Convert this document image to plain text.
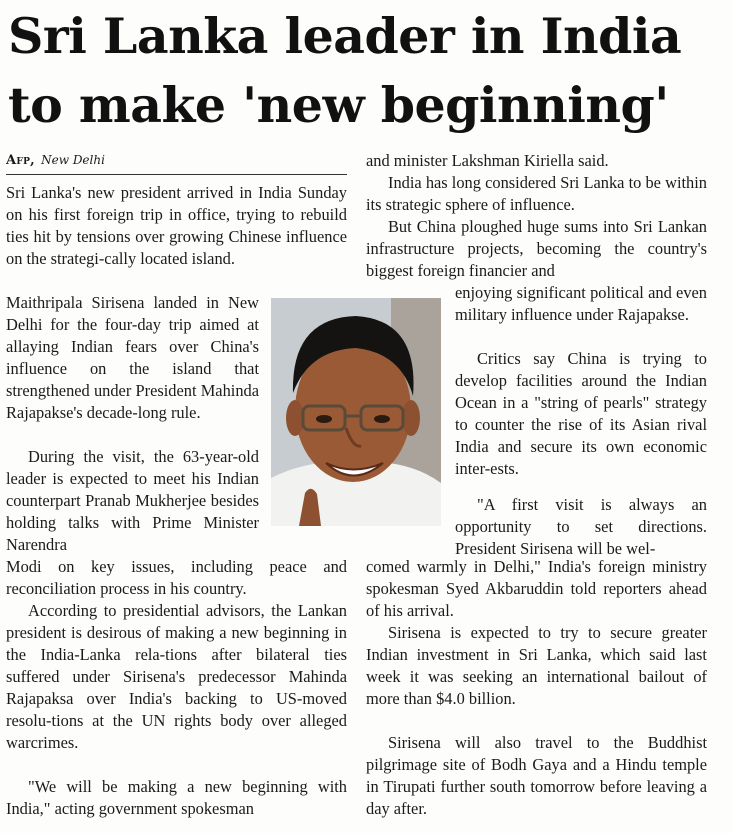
Sri Lanka leader in India
to make 'new beginning'
Afp, New Delhi

Sri Lanka's new president arrived in India Sunday on his first foreign trip in office, trying to rebuild ties hit by tensions over growing Chinese influence on the strategi-cally located island.

Maithripala Sirisena landed in New Delhi for the four-day trip aimed at allaying Indian fears over China's influence on the island that strengthened under President Mahinda Rajapakse's decade-long rule.

During the visit, the 63-year-old leader is expected to meet his Indian counterpart Pranab Mukherjee besides holding talks with Prime Minister Narendra

Modi on key issues, including peace and reconciliation process in his country.

According to presidential advisors, the Lankan president is desirous of making a new beginning in the India-Lanka rela-tions after bilateral ties suffered under Sirisena's predecessor Mahinda Rajapaksa over India's backing to US-moved resolu-tions at the UN rights body over alleged warcrimes.

"We will be making a new beginning with India," acting government spokesman

and minister Lakshman Kiriella said.

India has long considered Sri Lanka to be within its strategic sphere of influence.

But China ploughed huge sums into Sri Lankan infrastructure projects, becoming the country's biggest foreign financier and

enjoying significant political and even military influence under Rajapakse.

Critics say China is trying to develop facilities around the Indian Ocean in a "string of pearls" strategy to counter the rise of its Asian rival India and secure its own economic inter-ests.

"A first visit is always an opportunity to set directions. President Sirisena will be wel-

comed warmly in Delhi," India's foreign ministry spokesman Syed Akbaruddin told reporters ahead of his arrival.

Sirisena is expected to try to secure greater Indian investment in Sri Lanka, which said last week it was seeking an international bailout of more than $4.0 billion.

Sirisena will also travel to the Buddhist pilgrimage site of Bodh Gaya and a Hindu temple in Tirupati further south tomorrow before leaving a day after.
